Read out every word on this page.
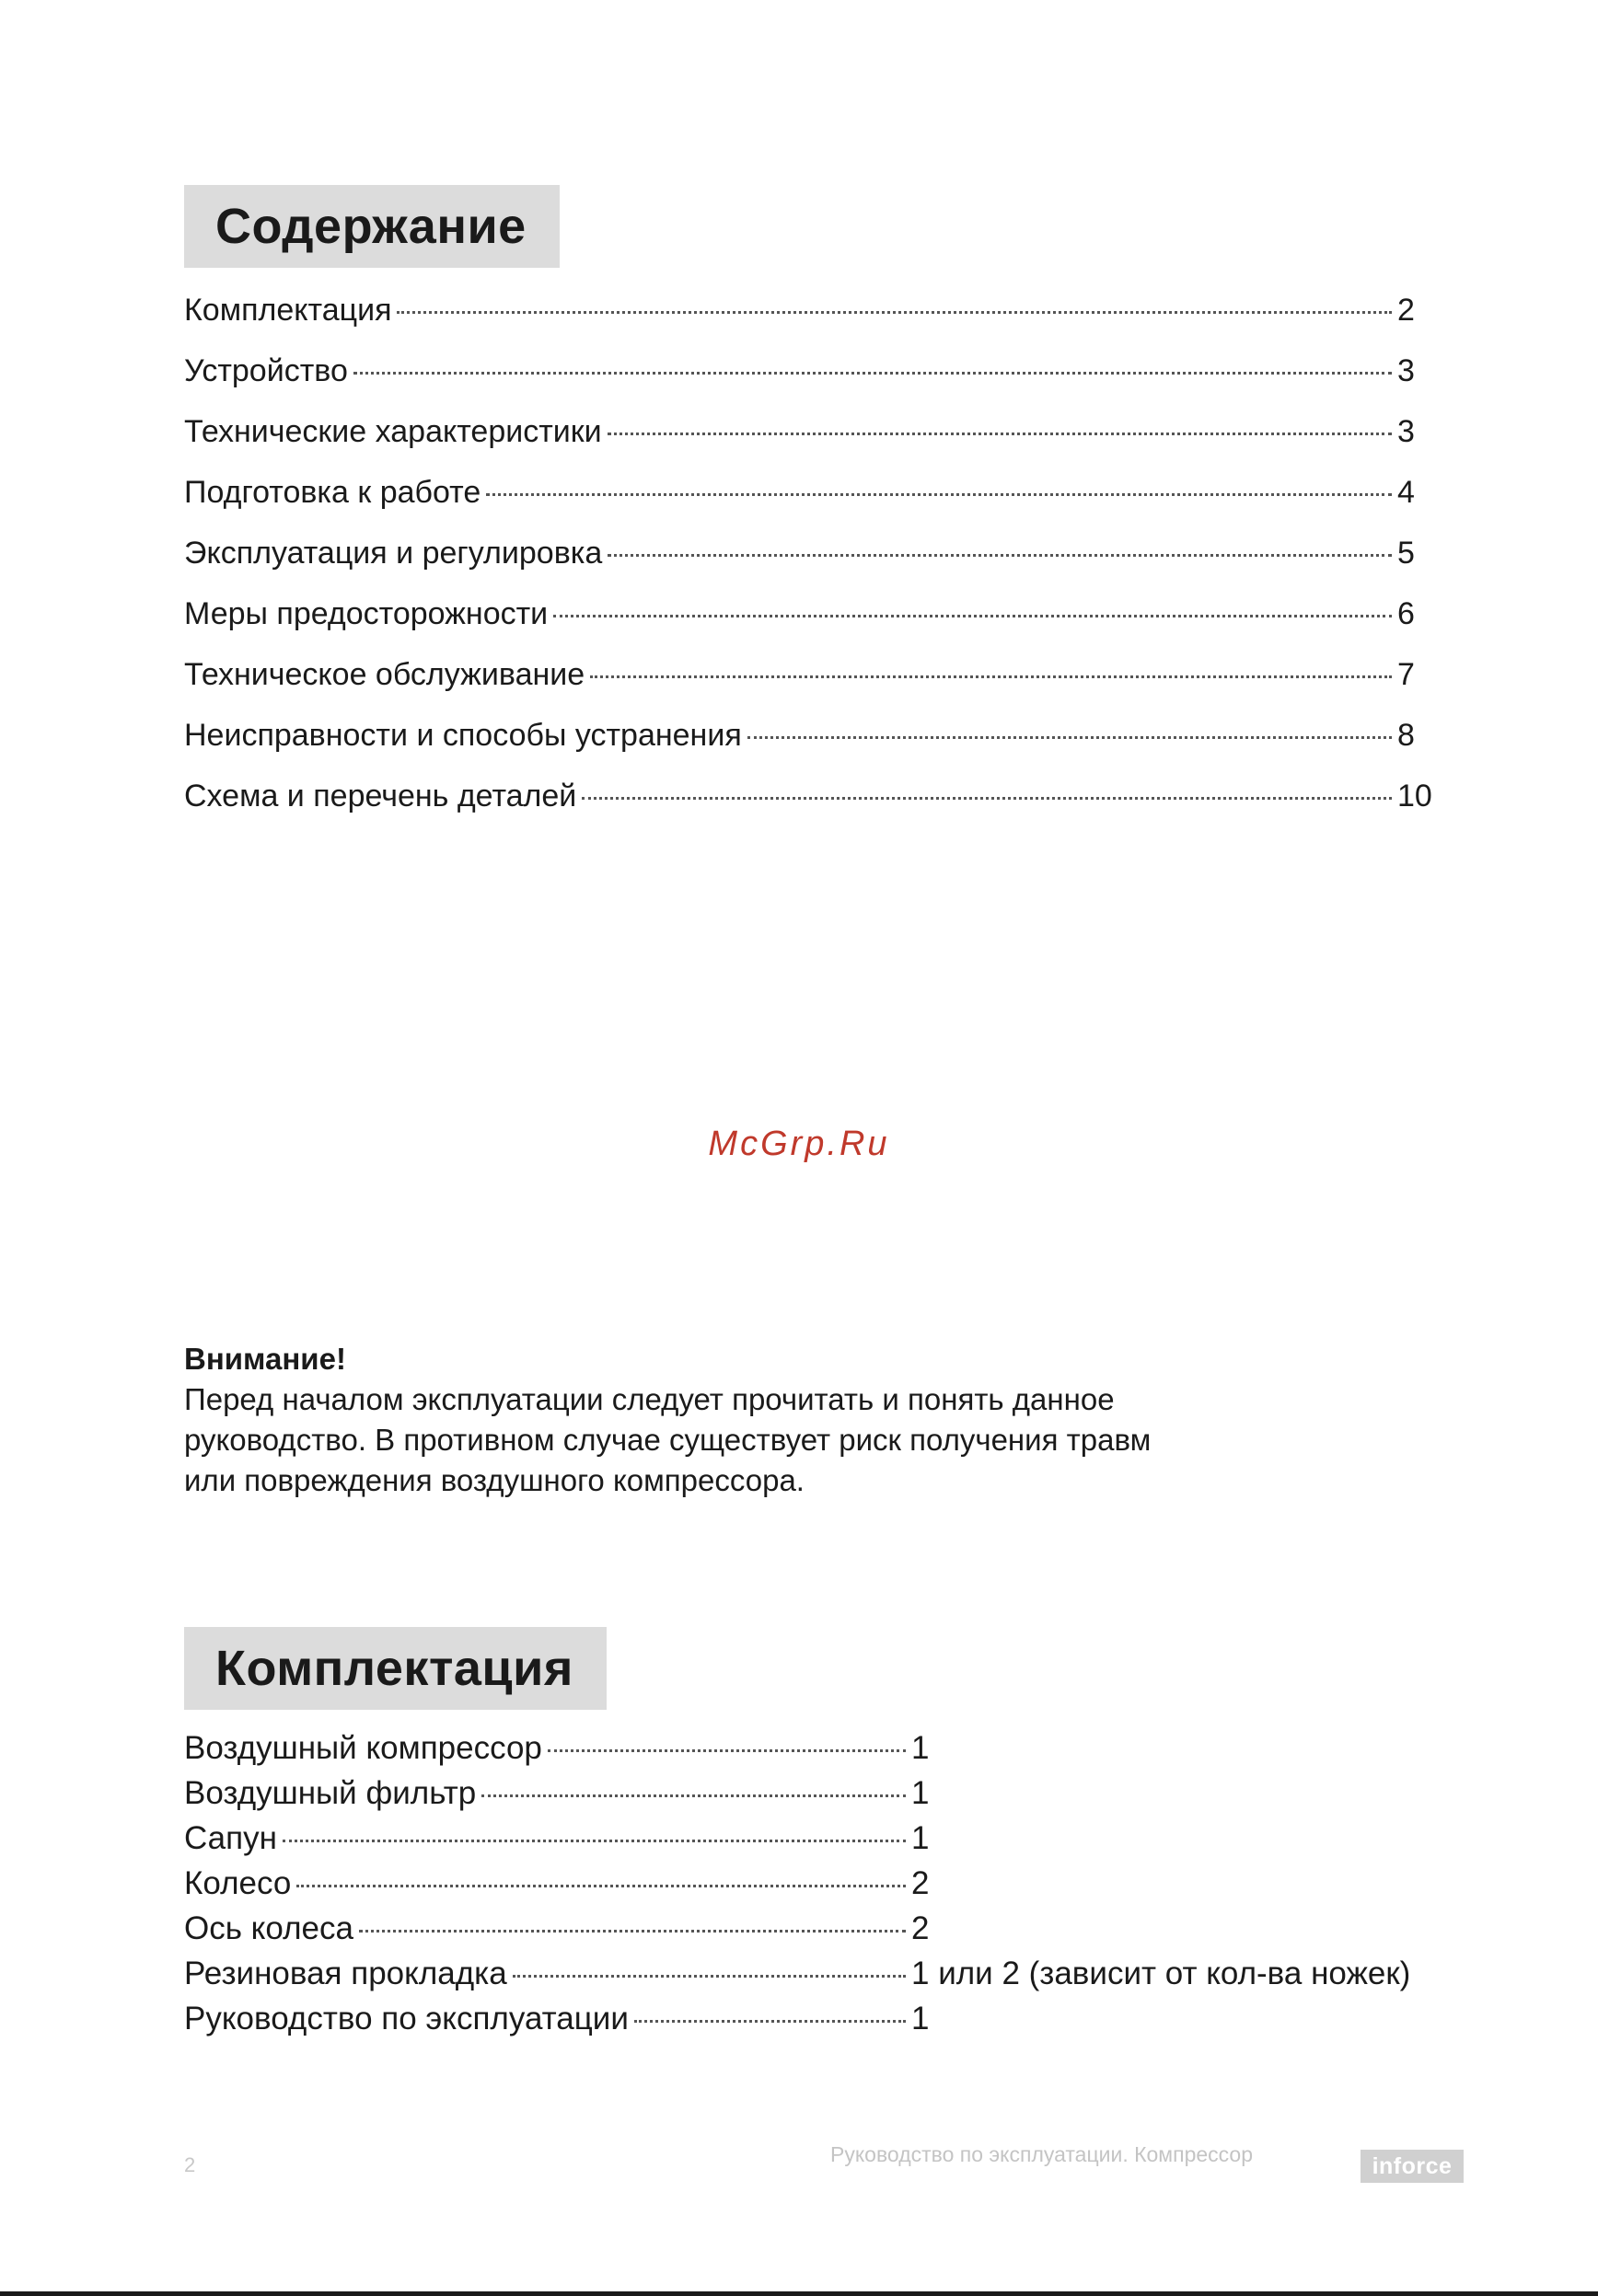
Содержание
Комплектация	2
Устройство	3
Технические характеристики	3
Подготовка к работе	4
Эксплуатация и регулировка	5
Меры предосторожности	6
Техническое обслуживание	7
Неисправности и способы устранения	8
Схема и перечень деталей	10
McGrp.Ru
Внимание!
Перед началом эксплуатации следует прочитать и понять данное
руководство. В противном случае существует риск получения травм
или повреждения воздушного компрессора.
Комплектация
Воздушный компрессор	1
Воздушный фильтр	1
Сапун	1
Колесо	2
Ось колеса	2
Резиновая прокладка	1 или 2 (зависит от кол-ва ножек)
Руководство по эксплуатации	1
2	Руководство по эксплуатации. Компрессор	inforce
